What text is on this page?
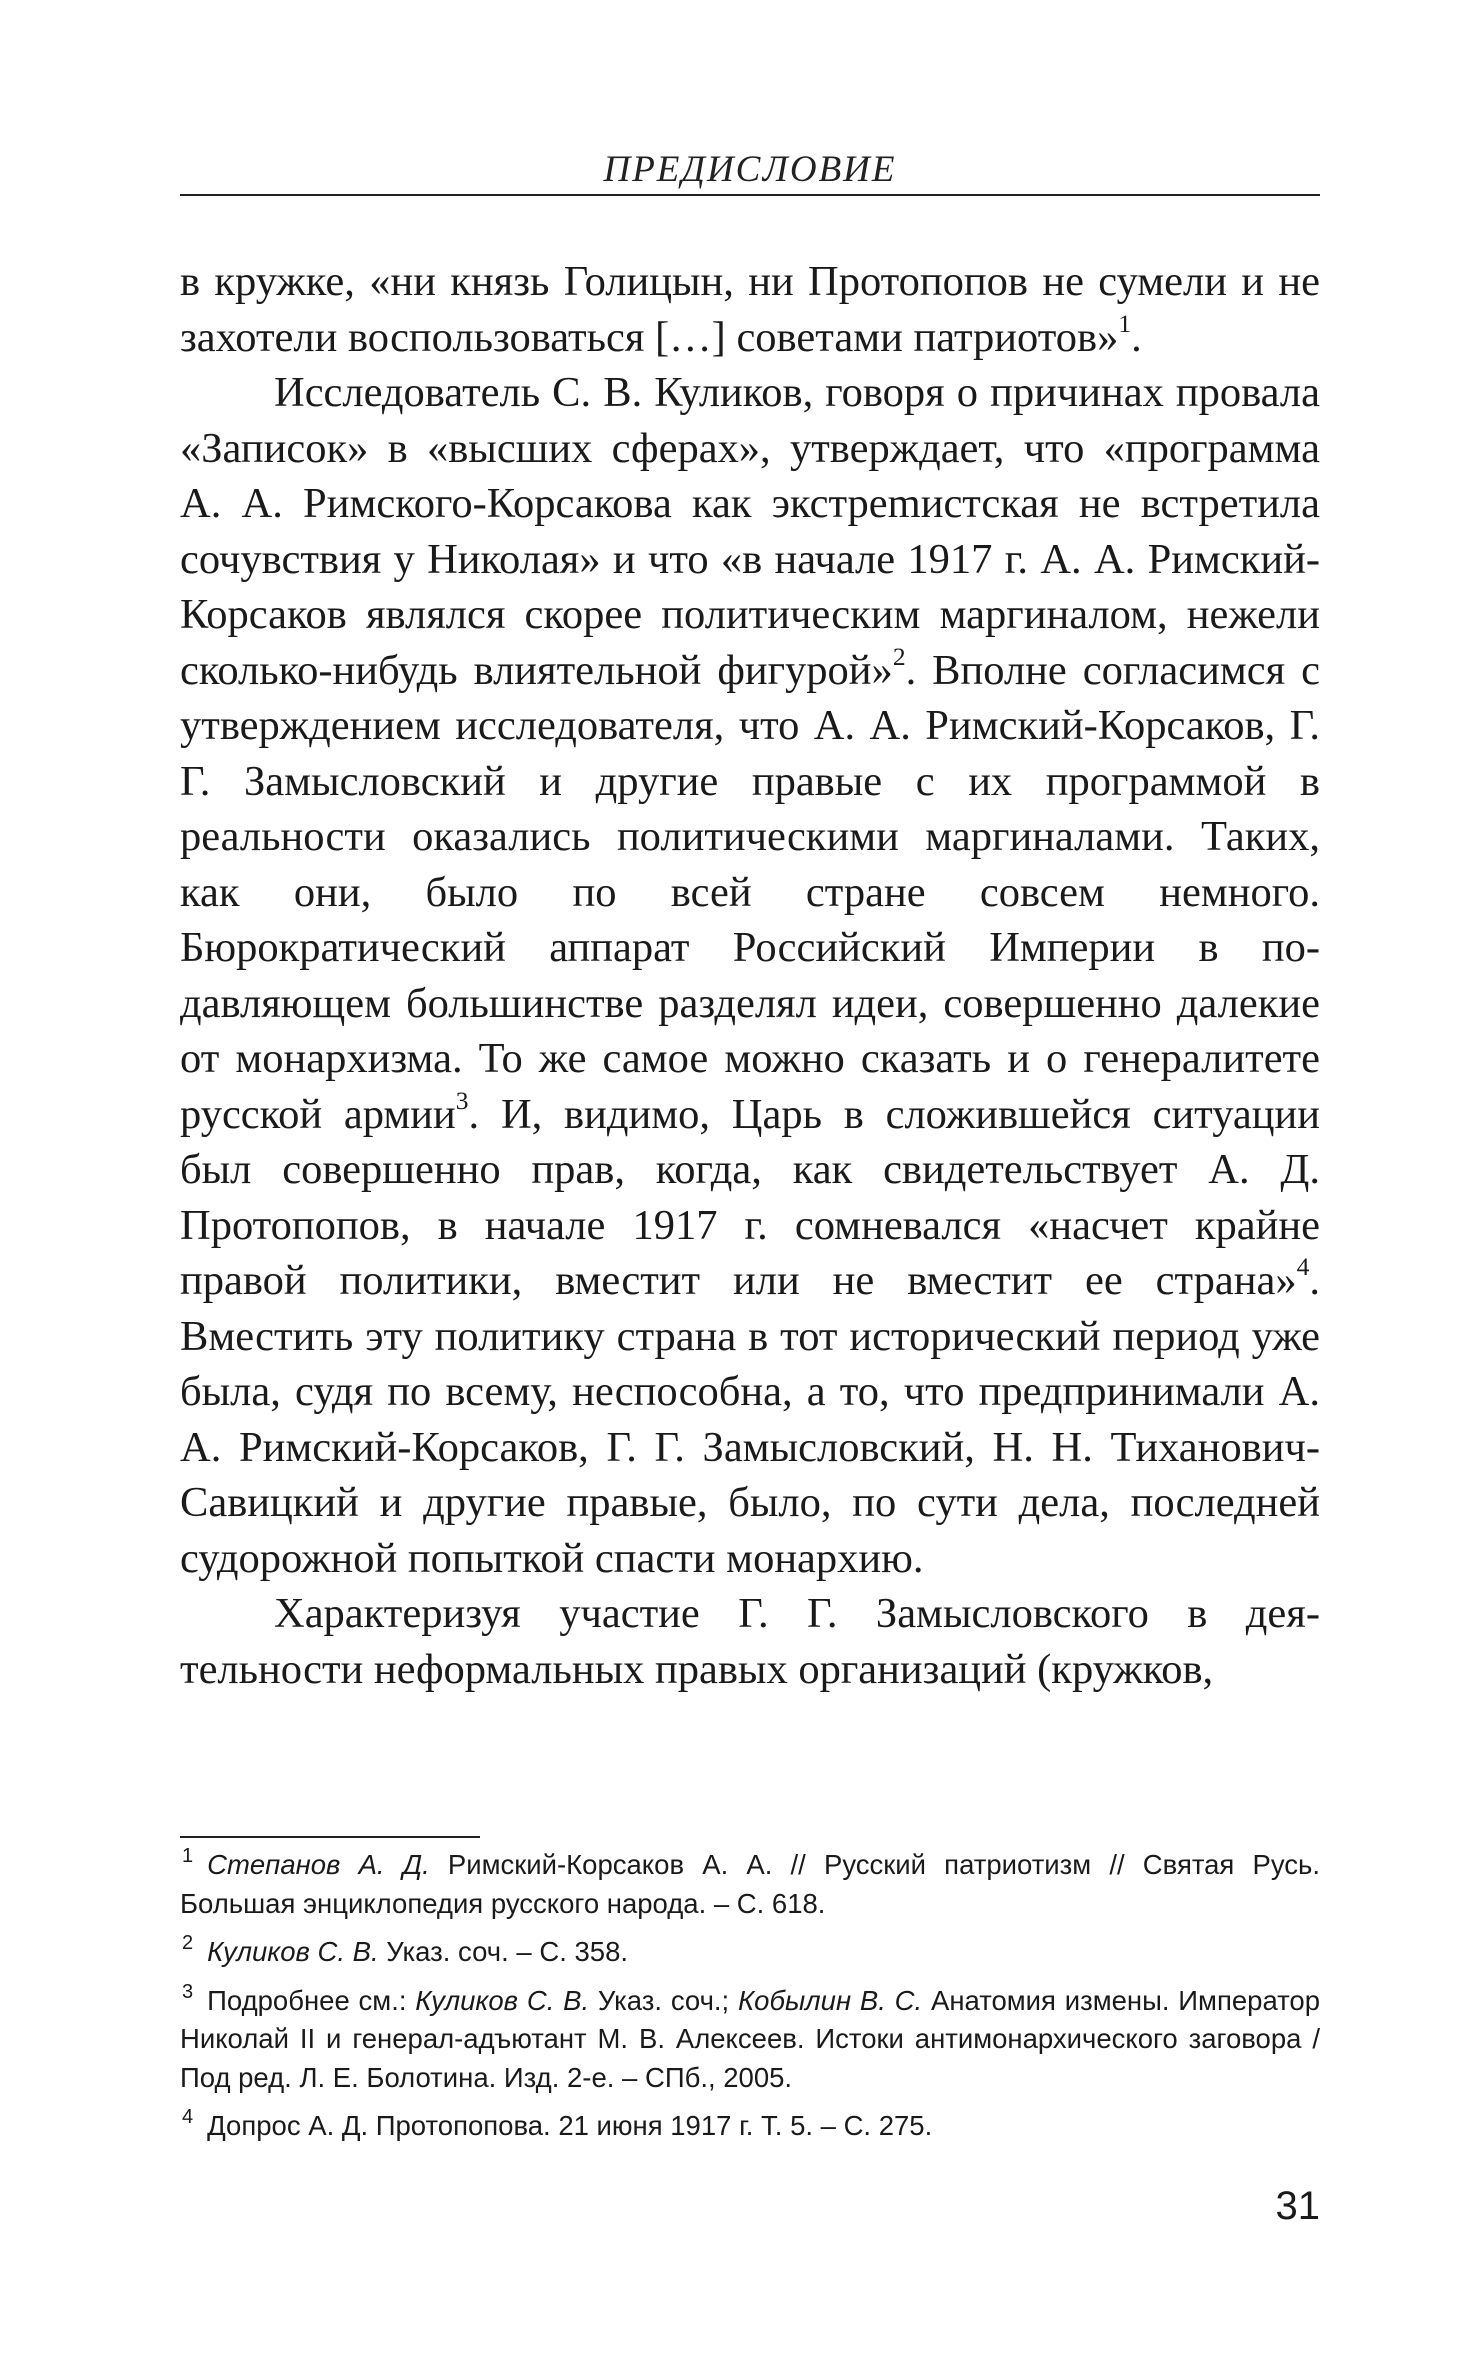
ПРЕДИСЛОВИЕ

в кружке, «ни князь Голицын, ни Протопопов не сумели и не захотели воспользоваться […] советами патриотов»$^1$.

Исследователь С. В. Куликов, говоря о причинах провала «Записок» в «высших сферах», утверждает, что «программа А. А. Римского-Корсакова как экстреmистская не встретила сочувствия у Николая» и что «в начале 1917 г. А. А. Римский-Корсаков являлся скорее политическим маргиналом, нежели сколько-нибудь влиятельной фигурой»$^2$. Вполне согласимся с утверждением исследователя, что А. А. Римский-Корсаков, Г. Г. Замысловский и другие правые с их программой в реальности оказались политическими маргиналами. Таких, как они, было по всей стране совсем немного. Бюрократический аппарат Российский Империи в подавляющем большинстве разделял идеи, совершенно далекие от монархизма. То же самое можно сказать и о генералитете русской армии$^3$. И, видимо, Царь в сложившейся ситуации был совершенно прав, когда, как свидетельствует А. Д. Протопопов, в начале 1917 г. сомневался «насчет крайне правой политики, вместит или не вместит ее страна»$^4$. Вместить эту политику страна в тот исторический период уже была, судя по всему, неспособна, а то, что предпринимали А. А. Римский-Корсаков, Г. Г. Замысловский, Н. Н. Тиханович-Савицкий и другие правые, было, по сути дела, последней судорожной попыткой спасти монархию.

Характеризуя участие Г. Г. Замысловского в деятельности неформальных правых организаций (кружков,

$^1$ Степанов А. Д. Римский-Корсаков А. А. // Русский патриотизм // Святая Русь. Большая энциклопедия русского народа. – С. 618.
$^2$ Куликов С. В. Указ. соч. – С. 358.
$^3$ Подробнее см.: Куликов С. В. Указ. соч.; Кобылин В. С. Анатомия измены. Император Николай II и генерал-адъютант М. В. Алексеев. Истоки антимонархического заговора / Под ред. Л. Е. Болотина. Изд. 2-е. – СПб., 2005.
$^4$ Допрос А. Д. Протопопова. 21 июня 1917 г. Т. 5. – С. 275.
31
